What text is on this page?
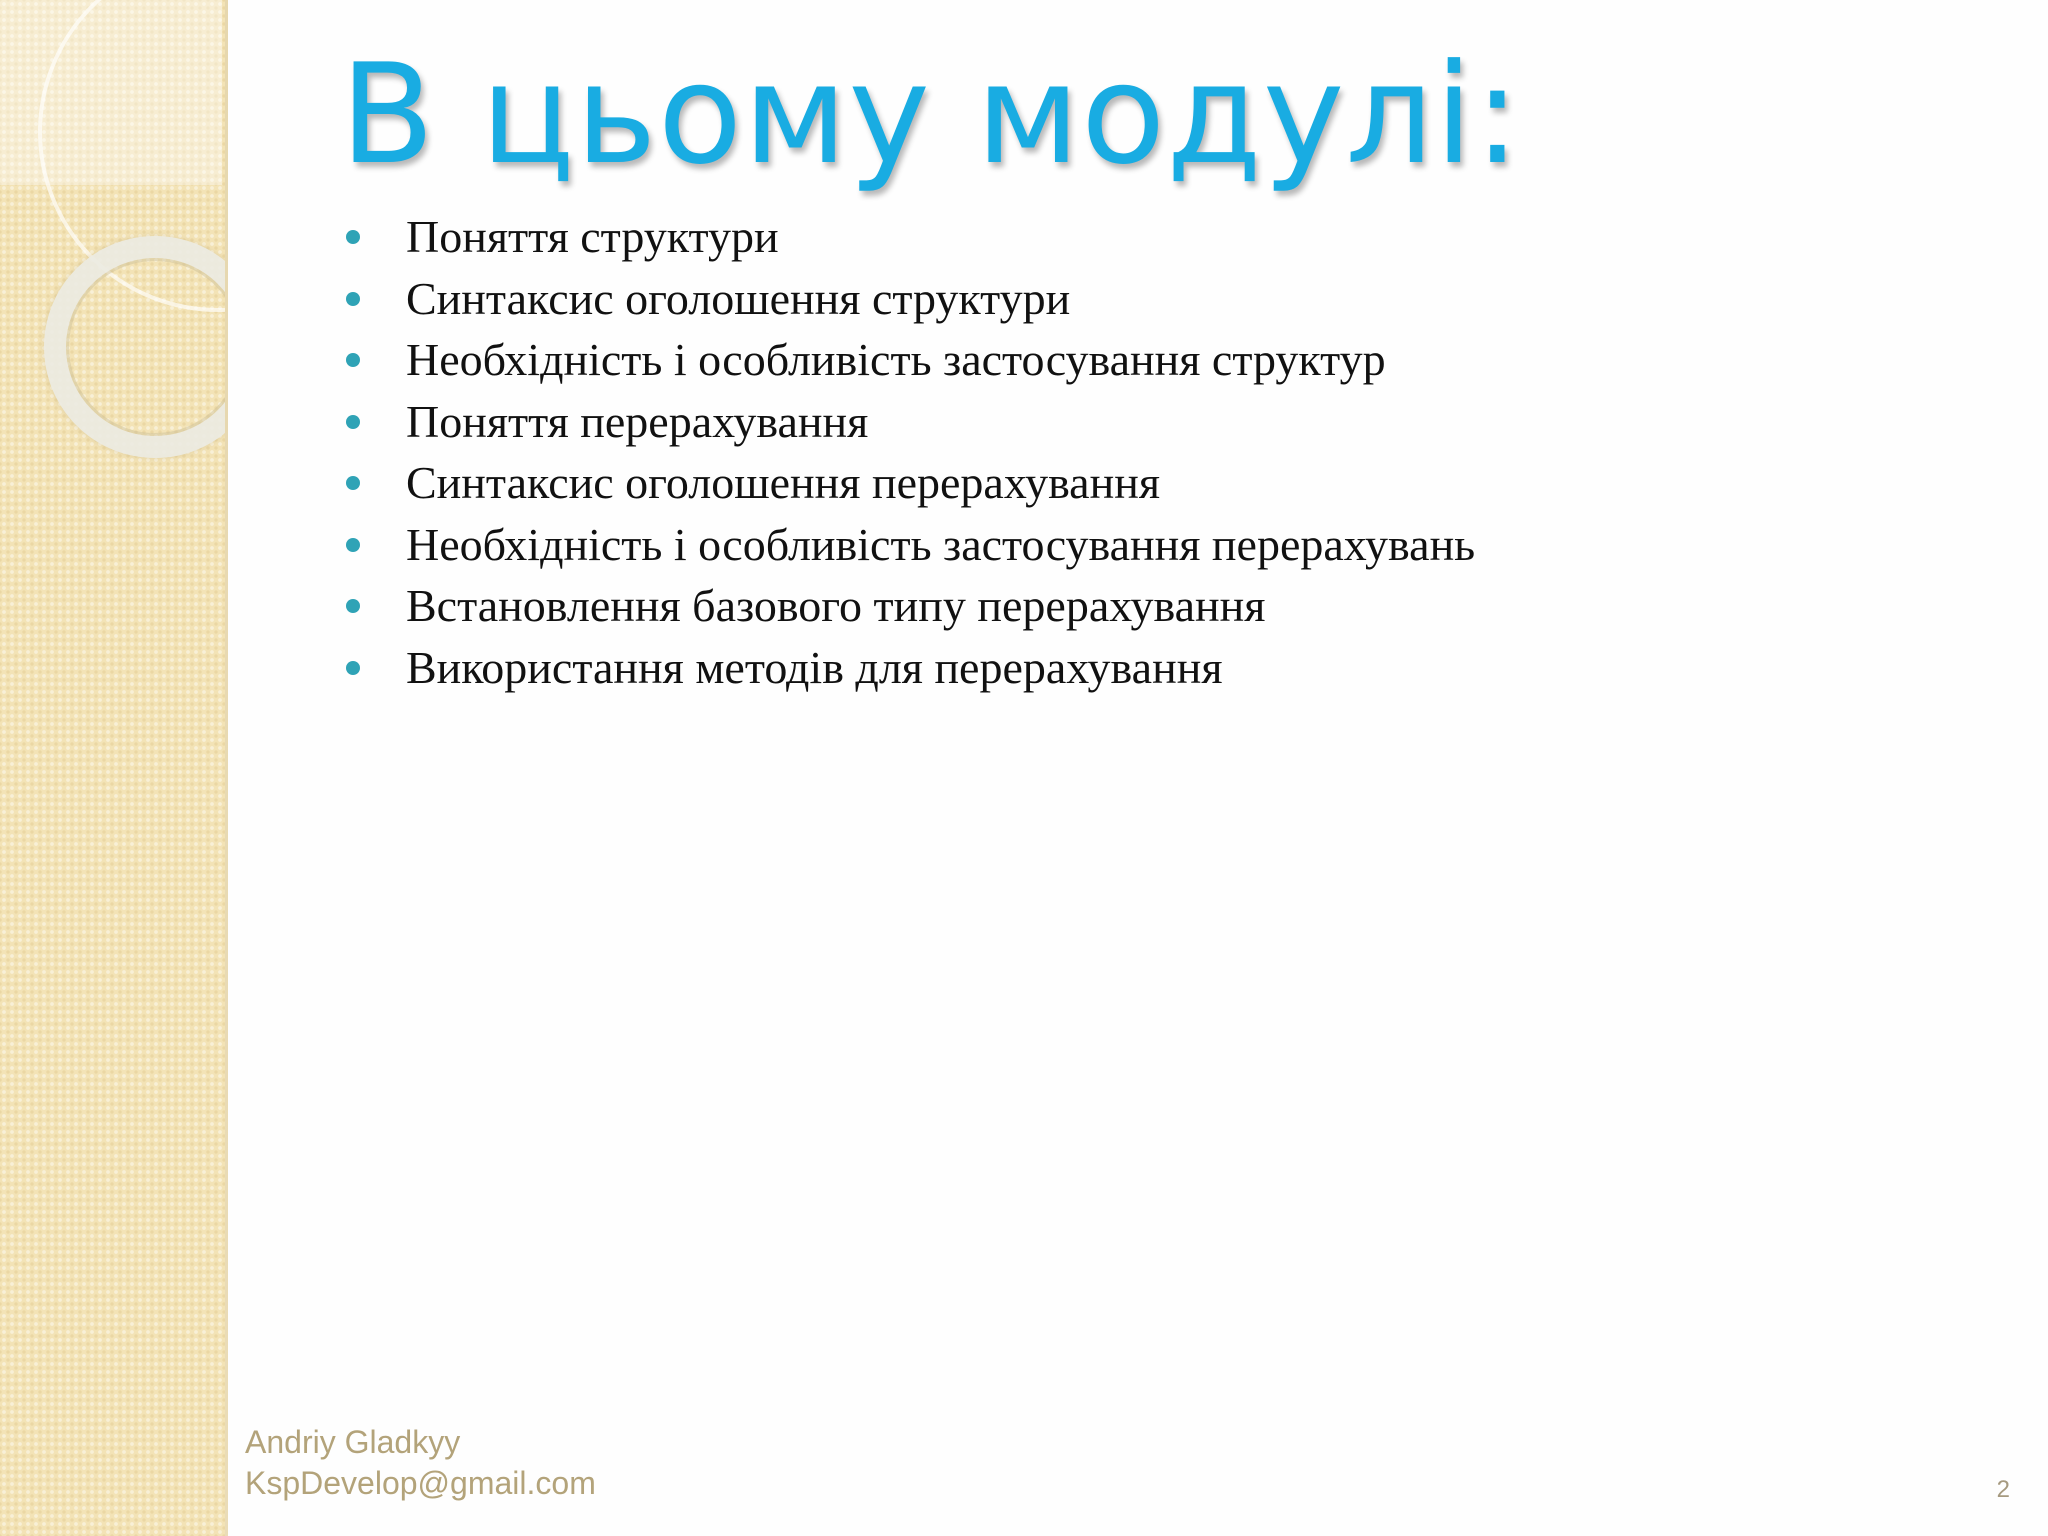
В цьому модулі:
Поняття структури
Синтаксис оголошення структури
Необхідність і особливість застосування структур
Поняття перерахування
Синтаксис оголошення перерахування
Необхідність і особливість застосування перерахувань
Встановлення базового типу перерахування
Використання методів для перерахування
Andriy Gladkyy
KspDevelop@gmail.com	2
